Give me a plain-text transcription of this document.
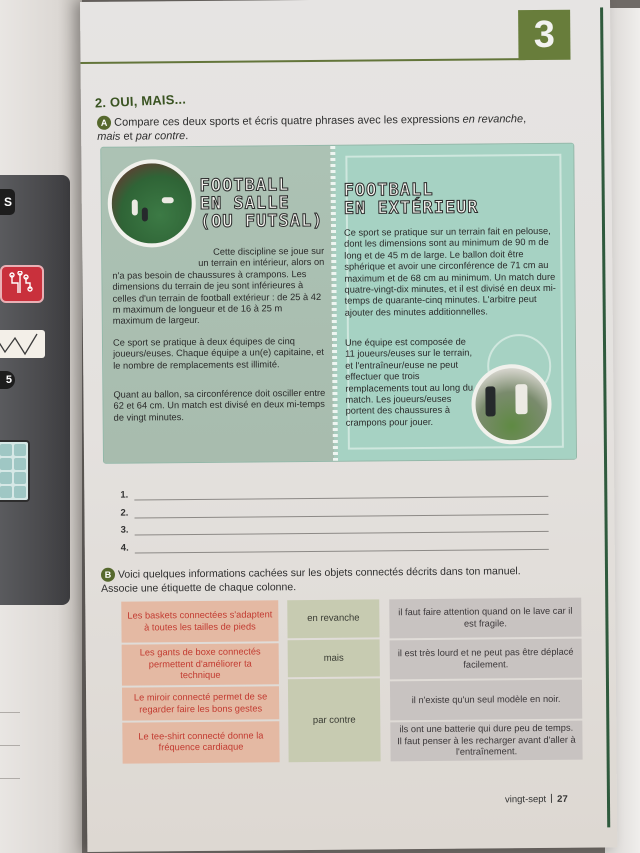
S
5
3
2. OUI, MAIS...
A Compare ces deux sports et écris quatre phrases avec les expressions en revanche, mais et par contre.
FOOTBALL
EN SALLE
(OU FUTSAL)
Cette discipline se joue sur
un terrain en intérieur, alors on
n'a pas besoin de chaussures à crampons. Les dimensions du terrain de jeu sont inférieures à celles d'un terrain de football extérieur : de 25 à 42 m maximum de longueur et de 16 à 25 m maximum de largeur.
Ce sport se pratique à deux équipes de cinq joueurs/euses. Chaque équipe a un(e) capitaine, et le nombre de remplacements est illimité.
Quant au ballon, sa circonférence doit osciller entre 62 et 64 cm. Un match est divisé en deux mi-temps de vingt minutes.
FOOTBALL
EN EXTÉRIEUR
Ce sport se pratique sur un terrain fait en pelouse, dont les dimensions sont au minimum de 90 m de long et de 45 m de large. Le ballon doit être sphérique et avoir une circonférence de 71 cm au maximum et de 68 cm au minimum. Un match dure quatre-vingt-dix minutes, et il est divisé en deux mi-temps de quarante-cinq minutes. L'arbitre peut ajouter des minutes additionnelles.
Une équipe est composée de 11 joueurs/euses sur le terrain, et l'entraîneur/euse ne peut effectuer que trois remplacements tout au long du match. Les joueurs/euses portent des chaussures à crampons pour jouer.
1.
2.
3.
4.
B Voici quelques informations cachées sur les objets connectés décrits dans ton manuel.
Associe une étiquette de chaque colonne.
Les baskets connectées s'adaptent à toutes les tailles de pieds
Les gants de boxe connectés permettent d'améliorer ta technique
Le miroir connecté permet de se regarder faire les bons gestes
Le tee-shirt connecté donne la fréquence cardiaque
en revanche
mais
par contre
il faut faire attention quand on le lave car il est fragile.
il est très lourd et ne peut pas être déplacé facilement.
il n'existe qu'un seul modèle en noir.
ils ont une batterie qui dure peu de temps. Il faut penser à les recharger avant d'aller à l'entraînement.
vingt-sept 27
